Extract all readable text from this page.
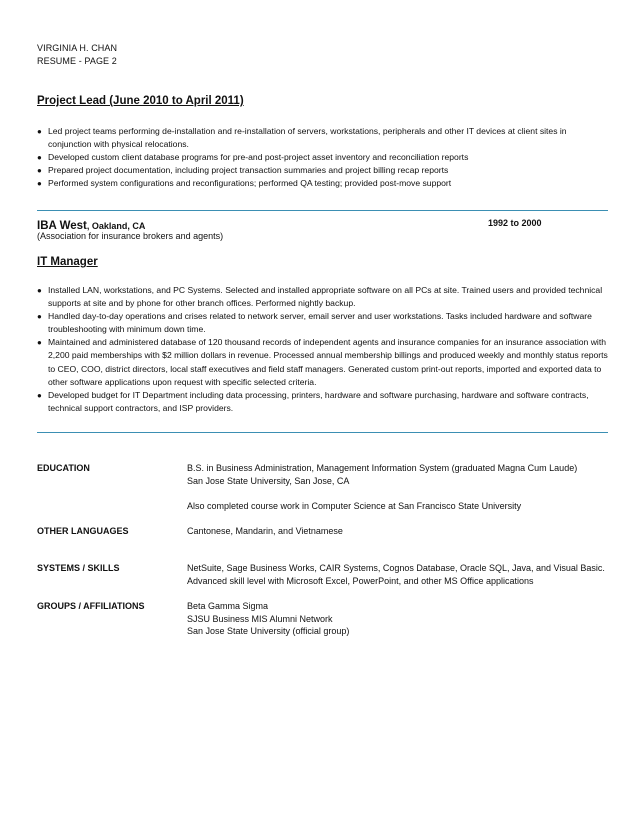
VIRGINIA H. CHAN
RESUME - PAGE 2
Project Lead (June 2010 to April 2011)
● Led project teams performing de-installation and re-installation of servers, workstations, peripherals and other IT devices at client sites in conjunction with physical relocations.
● Developed custom client database programs for pre-and post-project asset inventory and reconciliation reports
● Prepared project documentation, including project transaction summaries and project billing recap reports
● Performed system configurations and reconfigurations; performed QA testing; provided post-move support
IBA West, Oakland, CA	1992 to 2000
(Association for insurance brokers and agents)
IT Manager
● Installed LAN, workstations, and PC Systems. Selected and installed appropriate software on all PCs at site. Trained users and provided technical supports at site and by phone for other branch offices. Performed nightly backup.
● Handled day-to-day operations and crises related to network server, email server and user workstations. Tasks included hardware and software troubleshooting with minimum down time.
● Maintained and administered database of 120 thousand records of independent agents and insurance companies for an insurance association with 2,200 paid memberships with $2 million dollars in revenue. Processed annual membership billings and produced weekly and monthly status reports to CEO, COO, district directors, local staff executives and field staff managers. Generated custom print-out reports, imported and exported data to other software applications upon request with specific selected criteria.
● Developed budget for IT Department including data processing, printers, hardware and software purchasing, hardware and software contracts, technical support contractors, and ISP providers.
EDUCATION	B.S. in Business Administration, Management Information System (graduated Magna Cum Laude)
San Jose State University, San Jose, CA
Also completed course work in Computer Science at San Francisco State University
OTHER LANGUAGES	Cantonese, Mandarin, and Vietnamese
SYSTEMS / SKILLS	NetSuite, Sage Business Works, CAIR Systems, Cognos Database, Oracle SQL, Java, and Visual Basic.
Advanced skill level with Microsoft Excel, PowerPoint, and other MS Office applications
GROUPS / AFFILIATIONS	Beta Gamma Sigma
SJSU Business MIS Alumni Network
San Jose State University (official group)
